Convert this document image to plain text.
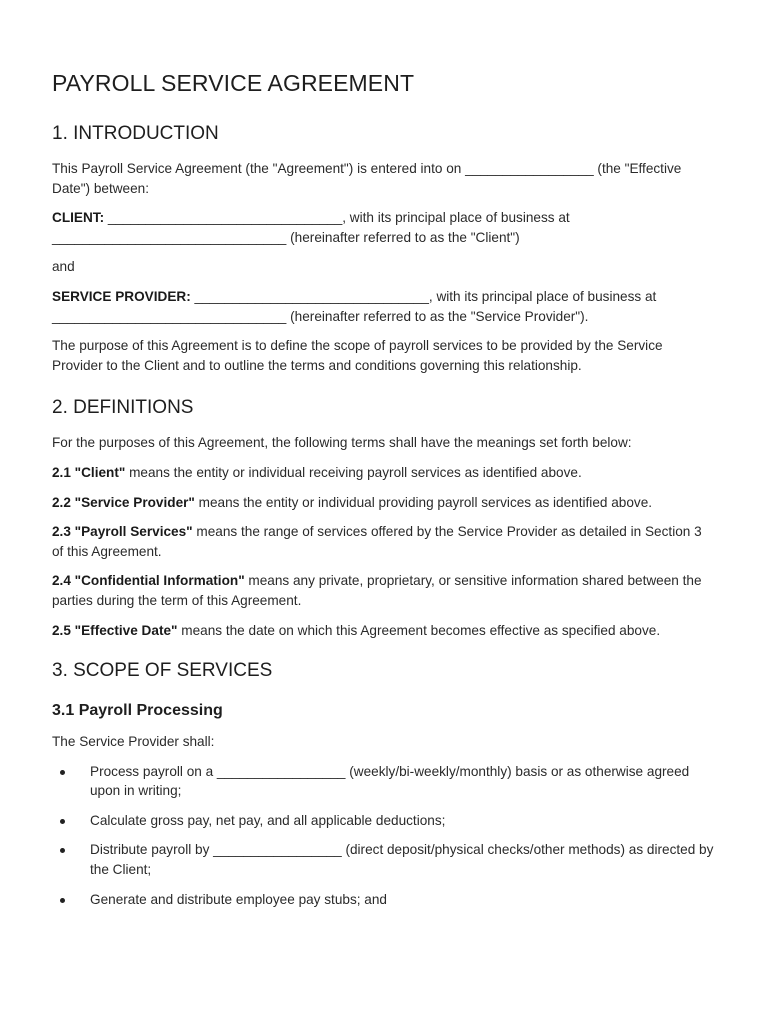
PAYROLL SERVICE AGREEMENT
1. INTRODUCTION

This Payroll Service Agreement (the "Agreement") is entered into on _________________ (the "Effective Date") between:

CLIENT: _______________________________, with its principal place of business at _______________________________ (hereinafter referred to as the "Client")

and

SERVICE PROVIDER: _______________________________, with its principal place of business at _______________________________ (hereinafter referred to as the "Service Provider").

The purpose of this Agreement is to define the scope of payroll services to be provided by the Service Provider to the Client and to outline the terms and conditions governing this relationship.

2. DEFINITIONS

For the purposes of this Agreement, the following terms shall have the meanings set forth below:

2.1 "Client" means the entity or individual receiving payroll services as identified above.

2.2 "Service Provider" means the entity or individual providing payroll services as identified above.

2.3 "Payroll Services" means the range of services offered by the Service Provider as detailed in Section 3 of this Agreement.

2.4 "Confidential Information" means any private, proprietary, or sensitive information shared between the parties during the term of this Agreement.

2.5 "Effective Date" means the date on which this Agreement becomes effective as specified above.

3. SCOPE OF SERVICES
3.1 Payroll Processing

The Service Provider shall:

Process payroll on a _________________ (weekly/bi-weekly/monthly) basis or as otherwise agreed upon in writing;
Calculate gross pay, net pay, and all applicable deductions;
Distribute payroll by _________________ (direct deposit/physical checks/other methods) as directed by the Client;
Generate and distribute employee pay stubs; and
